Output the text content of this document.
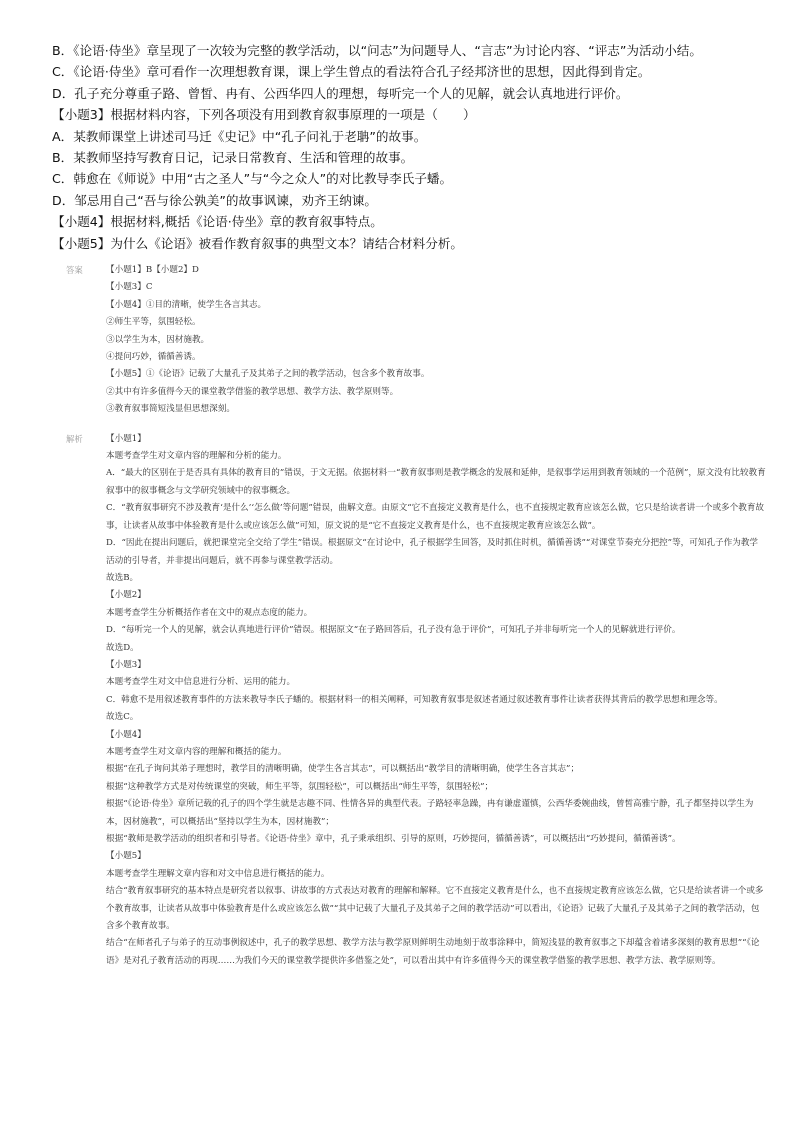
B．《论语·侍坐》章呈现了一次较为完整的教学活动，以“问志”为问题导人、“言志”为讨论内容、“评志”为活动小结。
C．《论语·侍坐》章可看作一次理想教育课，课上学生曾点的看法符合孔子经邦济世的思想，因此得到肯定。
D．孔子充分尊重子路、曾皙、冉有、公西华四人的理想，每听完一个人的见解，就会认真地进行评价。
【小题3】根据材料内容，下列各项没有用到教育叙事原理的一项是（　　）
A．某教师课堂上讲述司马迁《史记》中“孔子问礼于老聃”的故事。
B．某教师坚持写教育日记，记录日常教育、生活和管理的故事。
C．韩愈在《师说》中用“古之圣人”与“今之众人”的对比教导李氏子蟠。
D．邹忌用自己“吾与徐公孰美”的故事讽谏，劝齐王纳谏。
【小题4】根据材料,概括《论语·侍坐》章的教育叙事特点。
【小题5】为什么《论语》被看作教育叙事的典型文本？请结合材料分析。
答案	【小题1】B【小题2】D
【小题3】C
【小题4】①目的清晰，使学生各言其志。
②师生平等，氛围轻松。
③以学生为本，因材施教。
④提问巧妙，循循善诱。
【小题5】①《论语》记载了大量孔子及其弟子之间的教学活动，包含多个教育故事。
②其中有许多值得今天的课堂教学借鉴的教学思想、教学方法、教学原则等。
③教育叙事简短浅显但思想深刻。
解析	【小题1】
本题考查学生对文章内容的理解和分析的能力。
A．“最大的区别在于是否具有具体的教育目的”错误，于文无据。依据材料一“教育叙事则是教学概念的发展和延伸，是叙事学运用到教育领域的一个范例”，原文没有比较教育叙事中的叙事概念与文学研究领域中的叙事概念。
C．“教育叙事研究不涉及教育‘是什么’‘怎么做’等问题”错误，曲解文意。由原文“它不直接定义教育是什么，也不直接规定教育应该怎么做，它只是给读者讲一个或多个教育故事，让读者从故事中体验教育是什么或应该怎么做”可知，原文说的是“它不直接定义教育是什么，也不直接规定教育应该怎么做”。
D．“因此在提出问题后，就把课堂完全交给了学生”错误。根据原文“在讨论中，孔子根据学生回答，及时抓住时机，循循善诱”“对课堂节奏充分把控”等，可知孔子作为教学活动的引导者，并非提出问题后，就不再参与课堂教学活动。
故选B。
【小题2】
本题考查学生分析概括作者在文中的观点态度的能力。
D．“每听完一个人的见解，就会认真地进行评价”错误。根据原文“在子路回答后，孔子没有急于评价”，可知孔子并非每听完一个人的见解就进行评价。
故选D。
【小题3】
本题考查学生对文中信息进行分析、运用的能力。
C．韩愈不是用叙述教育事件的方法来教导李氏子蟠的。根据材料一的相关阐释，可知教育叙事是叙述者通过叙述教育事件让读者获得其背后的教学思想和理念等。
故选C。
【小题4】
本题考查学生对文章内容的理解和概括的能力。
根据“在孔子询问其弟子理想时，教学目的清晰明确，使学生各言其志”，可以概括出“教学目的清晰明确，使学生各言其志”；
根据“这种教学方式是对传统课堂的突破，师生平等，氛围轻松”，可以概括出“师生平等，氛围轻松”；
根据“《论语·侍坐》章所记载的孔子的四个学生就是志趣不同、性情各异的典型代表。子路轻率急躁，冉有谦虚谨慎，公西华委婉曲线，曾皙高雅宁静，孔子都坚持以学生为本，因材施教”，可以概括出“坚持以学生为本，因材施教”；
根据“教师是教学活动的组织者和引导者。《论语·侍坐》章中，孔子秉承组织、引导的原则，巧妙提问，循循善诱”，可以概括出“巧妙提问，循循善诱”。
【小题5】
本题考查学生理解文章内容和对文中信息进行概括的能力。
结合“教育叙事研究的基本特点是研究者以叙事、讲故事的方式表达对教育的理解和解释。它不直接定义教育是什么，也不直接规定教育应该怎么做，它只是给读者讲一个或多个教育故事，让读者从故事中体验教育是什么或应该怎么做”“其中记载了大量孔子及其弟子之间的教学活动”可以看出，《论语》记载了大量孔子及其弟子之间的教学活动，包含多个教育故事。
结合“在师者孔子与弟子的互动事例叙述中，孔子的教学思想、教学方法与教学原则鲜明生动地刻于故事涂释中，简短浅显的教育叙事之下却蕴含着诸多深刻的教育思想”“《论语》是对孔子教育活动的再现……为我们今天的课堂教学提供许多借鉴之处”，可以看出其中有许多值得今天的课堂教学借鉴的教学思想、教学方法、教学原则等。
